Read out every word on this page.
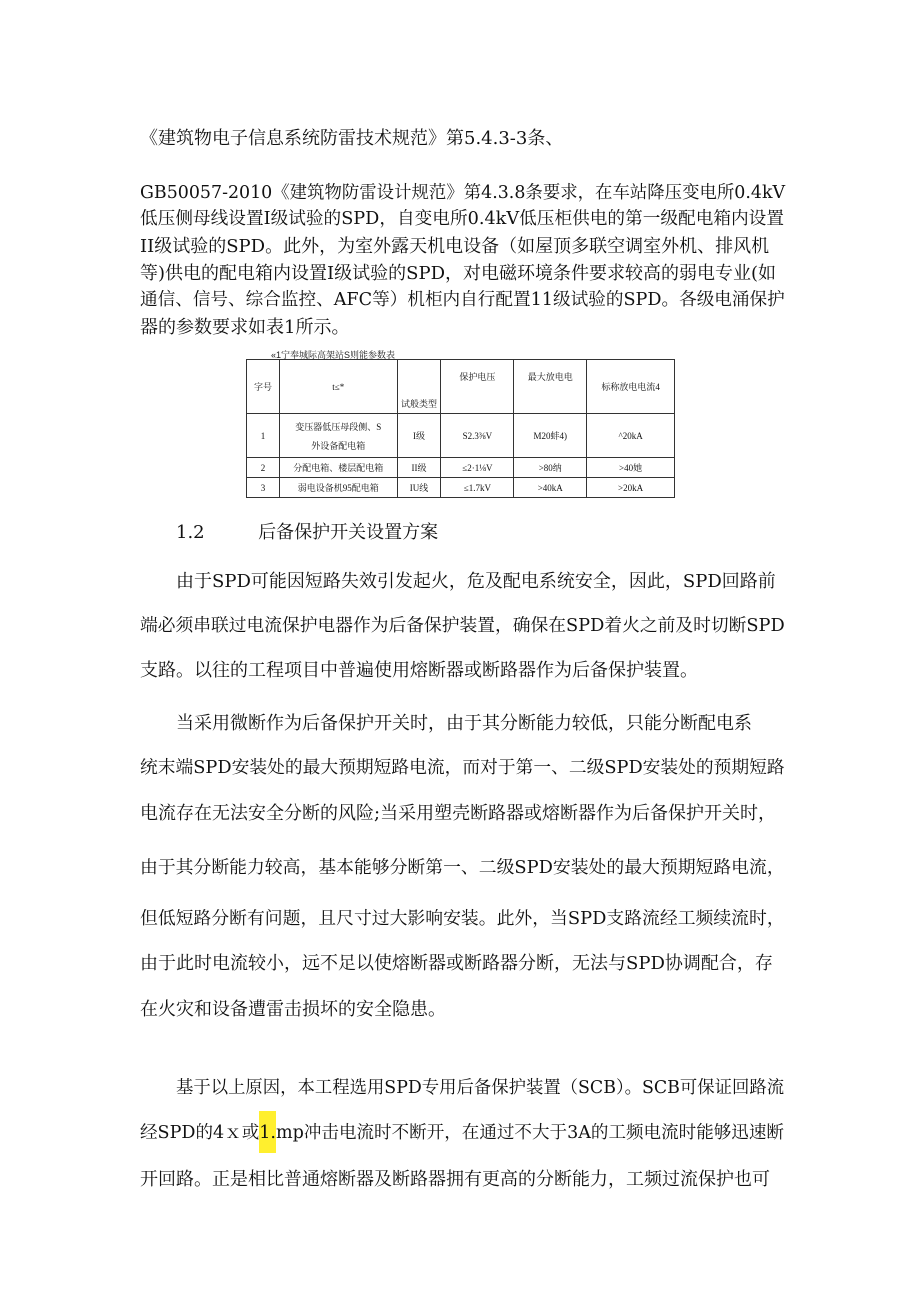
《建筑物电子信息系统防雷技术规范》第5.4.3-3条、
GB50057-2010《建筑物防雷设计规范》第4.3.8条要求，在车站降压变电所0.4kV
低压侧母线设置I级试验的SPD，自变电所0.4kV低压柜供电的第一级配电箱内设置
II级试验的SPD。此外，为室外露天机电设备（如屋顶多联空调室外机、排风机
等)供电的配电箱内设置I级试验的SPD，对电磁环境条件要求较高的弱电专业(如
通信、信号、综合监控、AFC等）机柜内自行配置11级试验的SPD。各级电涌保护
器的参数要求如表1所示。
«1宁奉城际高架站S则能参数表
字号	t≤*	试般类型	保护电压	最大放电电	标称放电电流4
1	变压器低压母段侧、S
外设备配电箱	I级	S2.3⅜V	M20蚌4)	^20kA
2	分配电箱、楼层配电箱	II级	≤2·1⅛V	>80纳	>40她
3	弱电设备机95配电箱	IU线	≤1.7kV	>40kA	>20kA
1.2	后备保护开关设置方案
由于SPD可能因短路失效引发起火，危及配电系统安全，因此，SPD回路前
端必须串联过电流保护电器作为后备保护装置，确保在SPD着火之前及时切断SPD
支路。以往的工程项目中普遍使用熔断器或断路器作为后备保护装置。
当采用微断作为后备保护开关时，由于其分断能力较低，只能分断配电系
统末端SPD安装处的最大预期短路电流，而对于第一、二级SPD安装处的预期短路
电流存在无法安全分断的风险;当采用塑壳断路器或熔断器作为后备保护开关时，
由于其分断能力较高，基本能够分断第一、二级SPD安装处的最大预期短路电流，
但低短路分断有问题，且尺寸过大影响安装。此外，当SPD支路流经工频续流时，
由于此时电流较小，远不足以使熔断器或断路器分断，无法与SPD协调配合，存
在火灾和设备遭雷击损坏的安全隐患。
基于以上原因，本工程选用SPD专用后备保护装置（SCB）。SCB可保证回路流
经SPD的4ｘ或1.mp冲击电流时不断开，在通过不大于3A的工频电流时能够迅速断
开回路。正是相比普通熔断器及断路器拥有更高的分断能力，工频过流保护也可
